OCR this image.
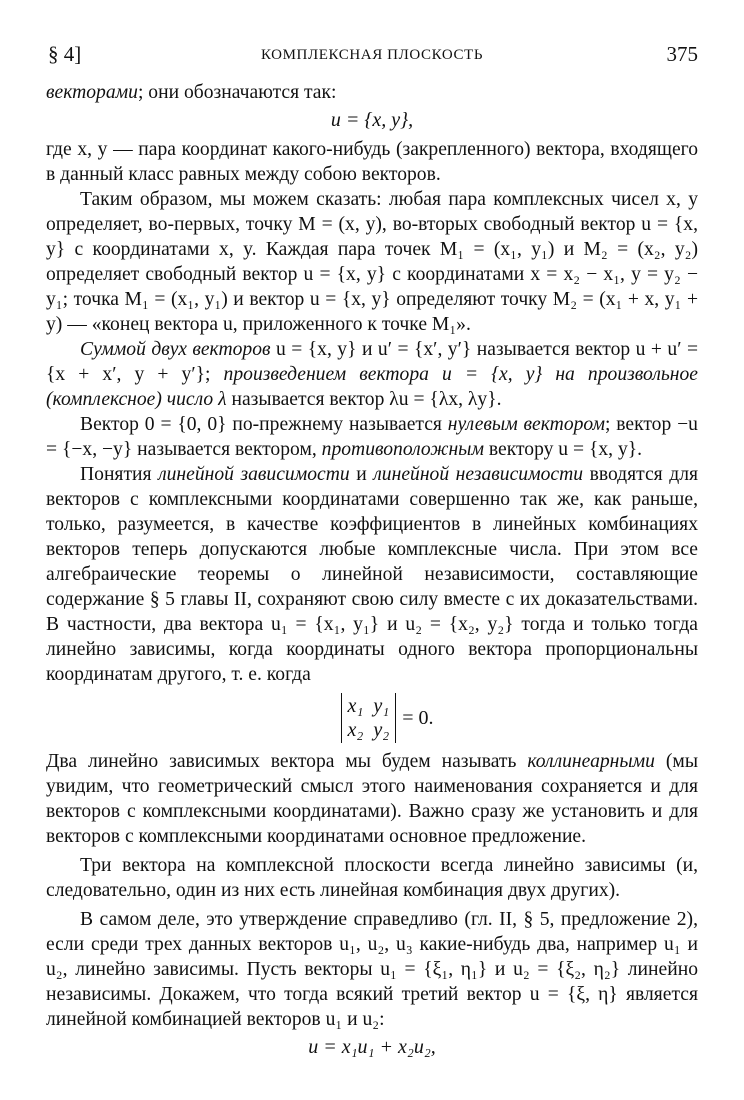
§ 4]	КОМПЛЕКСНАЯ ПЛОСКОСТЬ	375

векторами; они обозначаются так:

u = {x, y},

где x, y — пара координат какого-нибудь (закрепленного) вектора, входящего в данный класс равных между собою векторов.

Таким образом, мы можем сказать: любая пара комплексных чисел x, y определяет, во-первых, точку M = (x, y), во-вторых свободный вектор u = {x, y} с координатами x, y. Каждая пара точек M₁ = (x₁, y₁) и M₂ = (x₂, y₂) определяет свободный вектор u = {x, y} с координатами x = x₂ − x₁, y = y₂ − y₁; точка M₁ = (x₁, y₁) и вектор u = {x, y} определяют точку M₂ = (x₁ + x, y₁ + y) — «конец вектора u, приложенного к точке M₁».

Суммой двух векторов u = {x, y} и u′ = {x′, y′} называется вектор u + u′ = {x + x′, y + y′}; произведением вектора u = {x, y} на произвольное (комплексное) число λ называется вектор λu = {λx, λy}.

Вектор 0 = {0, 0} по-прежнему называется нулевым вектором; вектор −u = {−x, −y} называется вектором, противоположным вектору u = {x, y}.

Понятия линейной зависимости и линейной независимости вводятся для векторов с комплексными координатами совершенно так же, как раньше, только, разумеется, в качестве коэффициентов в линейных комбинациях векторов теперь допускаются любые комплексные числа. При этом все алгебраические теоремы о линейной независимости, составляющие содержание § 5 главы II, сохраняют свою силу вместе с их доказательствами. В частности, два вектора u₁ = {x₁, y₁} и u₂ = {x₂, y₂} тогда и только тогда линейно зависимы, когда координаты одного вектора пропорциональны координатам другого, т. е. когда

x₁  y₁
x₂  y₂
= 0.

Два линейно зависимых вектора мы будем называть коллинеарными (мы увидим, что геометрический смысл этого наименования сохраняется и для векторов с комплексными координатами). Важно сразу же установить и для векторов с комплексными координатами основное предложение.

Три вектора на комплексной плоскости всегда линейно зависимы (и, следовательно, один из них есть линейная комбинация двух других).

В самом деле, это утверждение справедливо (гл. II, § 5, предложение 2), если среди трех данных векторов u₁, u₂, u₃ какие-нибудь два, например u₁ и u₂, линейно зависимы. Пусть векторы u₁ = {ξ₁, η₁} и u₂ = {ξ₂, η₂} линейно независимы. Докажем, что тогда всякий третий вектор u = {ξ, η} является линейной комбинацией векторов u₁ и u₂:

u = x₁u₁ + x₂u₂,
